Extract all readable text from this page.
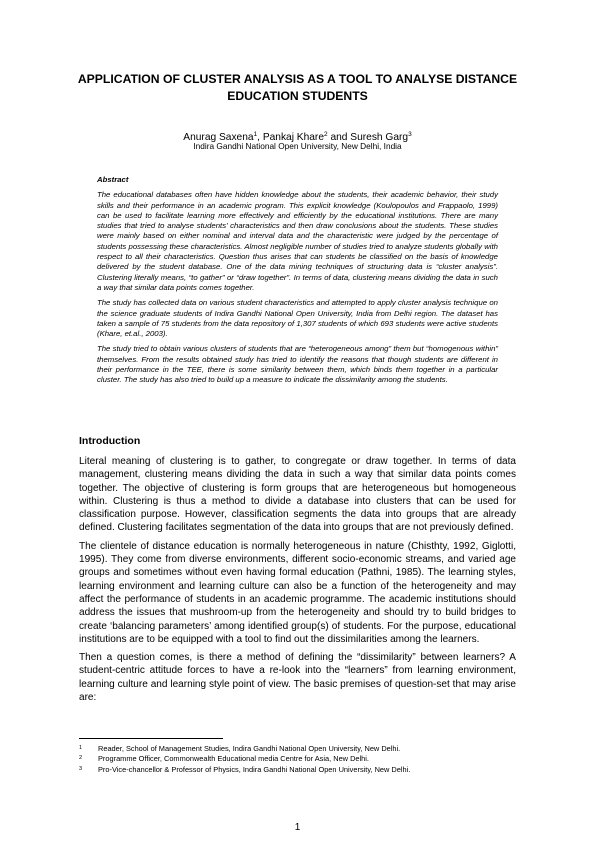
APPLICATION OF CLUSTER ANALYSIS AS A TOOL TO ANALYSE DISTANCE EDUCATION STUDENTS
Anurag Saxena$^1$, Pankaj Khare$^2$ and Suresh Garg$^3$
Indira Gandhi National Open University, New Delhi, India
Abstract

The educational databases often have hidden knowledge about the students, their academic behavior, their study skills and their performance in an academic program. This explicit knowledge (Koulopoulos and Frappaolo, 1999) can be used to facilitate learning more effectively and efficiently by the educational institutions. There are many studies that tried to analyse students’ characteristics and then draw conclusions about the students. These studies were mainly based on either nominal and interval data and the characteristic were judged by the percentage of students possessing these characteristics. Almost negligible number of studies tried to analyze students globally with respect to all their characteristics. Question thus arises that can students be classified on the basis of knowledge delivered by the student database. One of the data mining techniques of structuring data is “cluster analysis”. Clustering literally means, “to gather” or “draw together”. In terms of data, clustering means dividing the data in such a way that similar data points comes together.

The study has collected data on various student characteristics and attempted to apply cluster analysis technique on the science graduate students of Indira Gandhi National Open University, India from Delhi region. The dataset has taken a sample of 75 students from the data repository of 1,307 students of which 693 students were active students (Khare, et.al., 2003).

The study tried to obtain various clusters of students that are “heterogeneous among” them but “homogenous within” themselves. From the results obtained study has tried to identify the reasons that though students are different in their performance in the TEE, there is some similarity between them, which binds them together in a particular cluster. The study has also tried to build up a measure to indicate the dissimilarity among the students.

Introduction

Literal meaning of clustering is to gather, to congregate or draw together. In terms of data management, clustering means dividing the data in such a way that similar data points comes together. The objective of clustering is form groups that are heterogeneous but homogeneous within. Clustering is thus a method to divide a database into clusters that can be used for classification purpose. However, classification segments the data into groups that are already defined. Clustering facilitates segmentation of the data into groups that are not previously defined.

The clientele of distance education is normally heterogeneous in nature (Chisthty, 1992, Giglotti, 1995). They come from diverse environments, different socio-economic streams, and varied age groups and sometimes without even having formal education (Pathni, 1985). The learning styles, learning environment and learning culture can also be a function of the heterogeneity and may affect the performance of students in an academic programme. The academic institutions should address the issues that mushroom-up from the heterogeneity and should try to build bridges to create ‘balancing parameters’ among identified group(s) of students. For the purpose, educational institutions are to be equipped with a tool to find out the dissimilarities among the learners.

Then a question comes, is there a method of defining the “dissimilarity” between learners? A student-centric attitude forces to have a re-look into the “learners” from learning environment, learning culture and learning style point of view. The basic premises of question-set that may arise are:

1 Reader, School of Management Studies, Indira Gandhi National Open University, New Delhi.
2 Programme Officer, Commonwealth Educational media Centre for Asia, New Delhi.
3 Pro-Vice-chancellor & Professor of Physics, Indira Gandhi National Open University, New Delhi.
1
